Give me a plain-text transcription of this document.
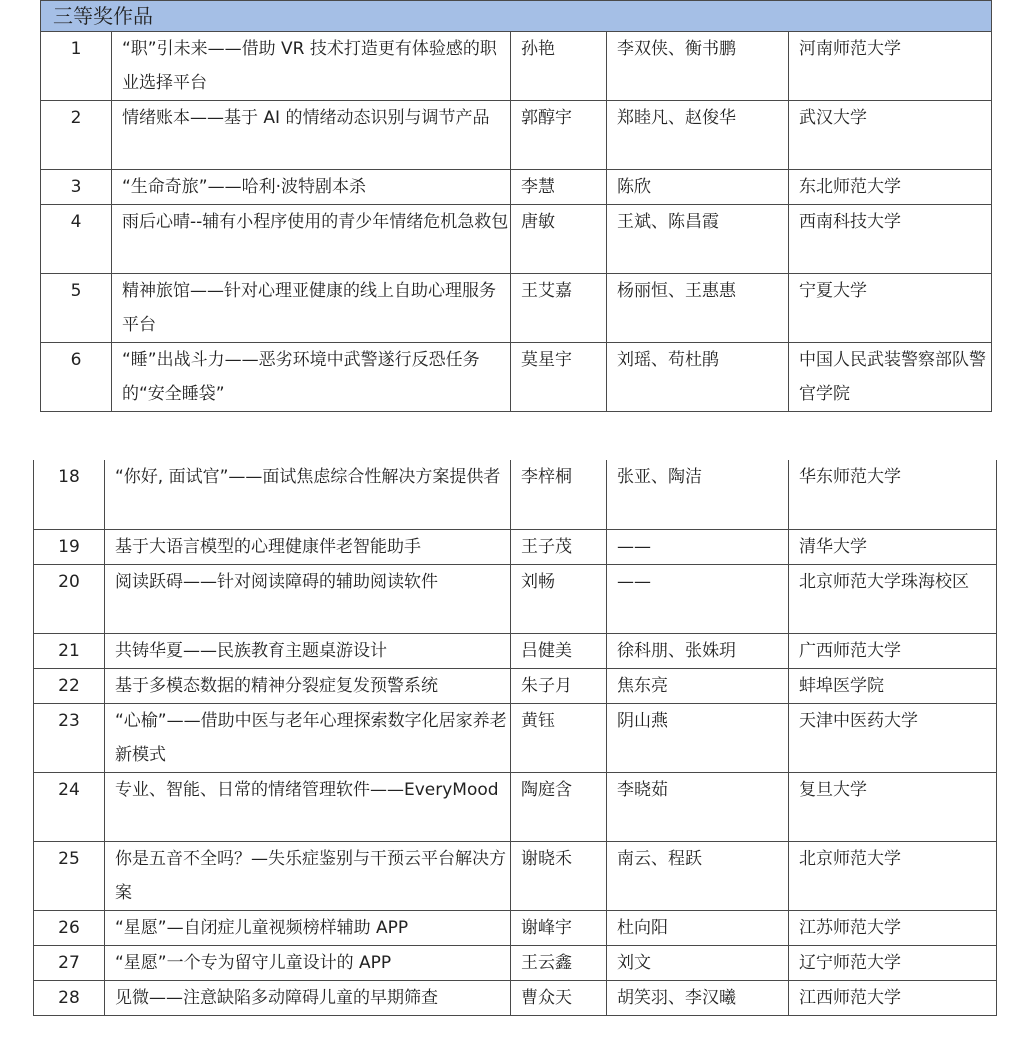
三等奖作品				
1	“职”引未来——借助 VR 技术打造更有体验感的职业选择平台	孙艳	李双侠、衡书鹏	河南师范大学
2	情绪账本——基于 AI 的情绪动态识别与调节产品	郭醇宇	郑睦凡、赵俊华	武汉大学
3	“生命奇旅”——哈利·波特剧本杀	李慧	陈欣	东北师范大学
4	雨后心晴--辅有小程序使用的青少年情绪危机急救包	唐敏	王斌、陈昌霞	西南科技大学
5	精神旅馆——针对心理亚健康的线上自助心理服务平台	王艾嘉	杨丽恒、王惠惠	宁夏大学
6	“睡”出战斗力——恶劣环境中武警遂行反恐任务的“安全睡袋”	莫星宇	刘瑶、苟杜鹃	中国人民武装警察部队警官学院
18	“你好, 面试官”——面试焦虑综合性解决方案提供者	李梓桐	张亚、陶洁	华东师范大学
19	基于大语言模型的心理健康伴老智能助手	王子茂	——	清华大学
20	阅读跃碍——针对阅读障碍的辅助阅读软件	刘畅	——	北京师范大学珠海校区
21	共铸华夏——民族教育主题桌游设计	吕健美	徐科朋、张姝玥	广西师范大学
22	基于多模态数据的精神分裂症复发预警系统	朱子月	焦东亮	蚌埠医学院
23	“心榆”——借助中医与老年心理探索数字化居家养老新模式	黄钰	阴山燕	天津中医药大学
24	专业、智能、日常的情绪管理软件——EveryMood	陶庭含	李晓茹	复旦大学
25	你是五音不全吗？—失乐症鉴别与干预云平台解决方案	谢晓禾	南云、程跃	北京师范大学
26	“星愿”—自闭症儿童视频榜样辅助 APP	谢峰宇	杜向阳	江苏师范大学
27	“星愿”一个专为留守儿童设计的 APP	王云鑫	刘文	辽宁师范大学
28	见微——注意缺陷多动障碍儿童的早期筛查	曹众天	胡笑羽、李汉曦	江西师范大学
